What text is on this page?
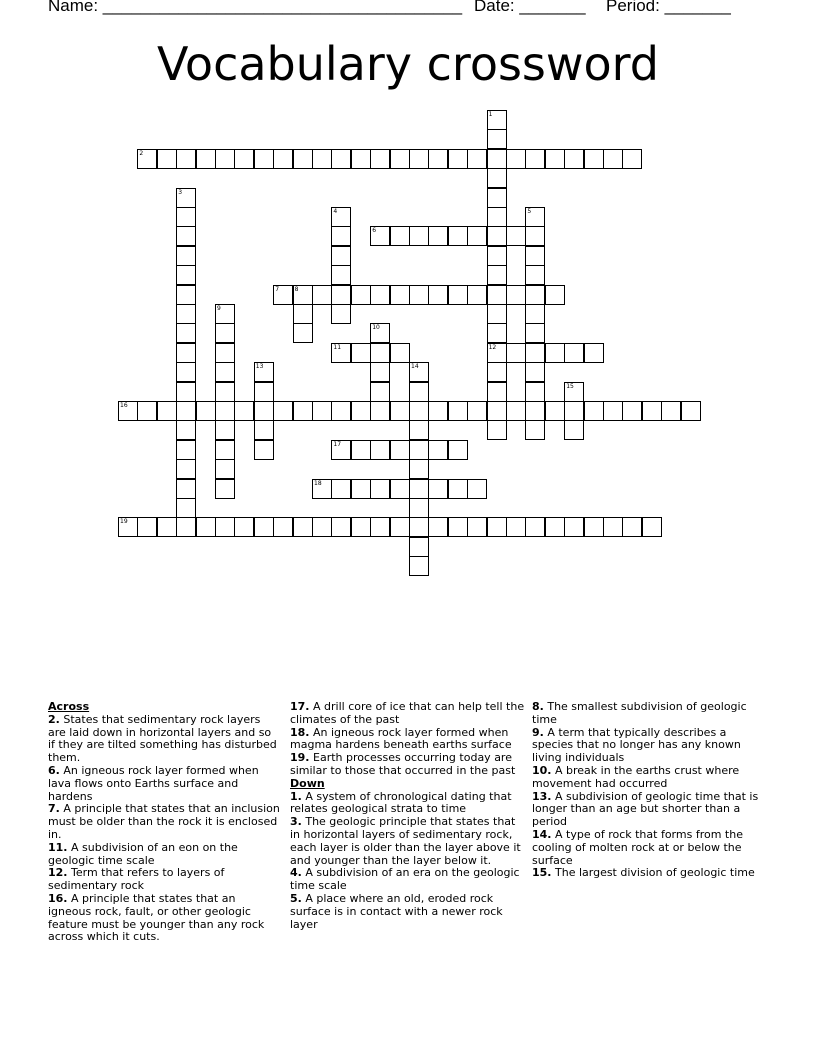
Name: ______________________________________ Date: _______ Period: _______
Vocabulary crossword
1
12
2
3
4	5
6
7	8
9
10
11
13	14
15
16
17
18
19
Across
2. States that sedimentary rock layers are laid down in horizontal layers and so if they are tilted something has disturbed them.
6. An igneous rock layer formed when lava flows onto Earths surface and hardens
7. A principle that states that an inclusion must be older than the rock it is enclosed in.
11. A subdivision of an eon on the geologic time scale
12. Term that refers to layers of sedimentary rock
16. A principle that states that an igneous rock, fault, or other geologic feature must be younger than any rock across which it cuts.
17. A drill core of ice that can help tell the climates of the past
18. An igneous rock layer formed when magma hardens beneath earths surface
19. Earth processes occurring today are similar to those that occurred in the past
Down
1. A system of chronological dating that relates geological strata to time
3. The geologic principle that states that in horizontal layers of sedimentary rock, each layer is older than the layer above it and younger than the layer below it.
4. A subdivision of an era on the geologic time scale
5. A place where an old, eroded rock surface is in contact with a newer rock layer
8. The smallest subdivision of geologic time
9. A term that typically describes a species that no longer has any known living individuals
10. A break in the earths crust where movement had occurred
13. A subdivision of geologic time that is longer than an age but shorter than a period
14. A type of rock that forms from the cooling of molten rock at or below the surface
15. The largest division of geologic time
